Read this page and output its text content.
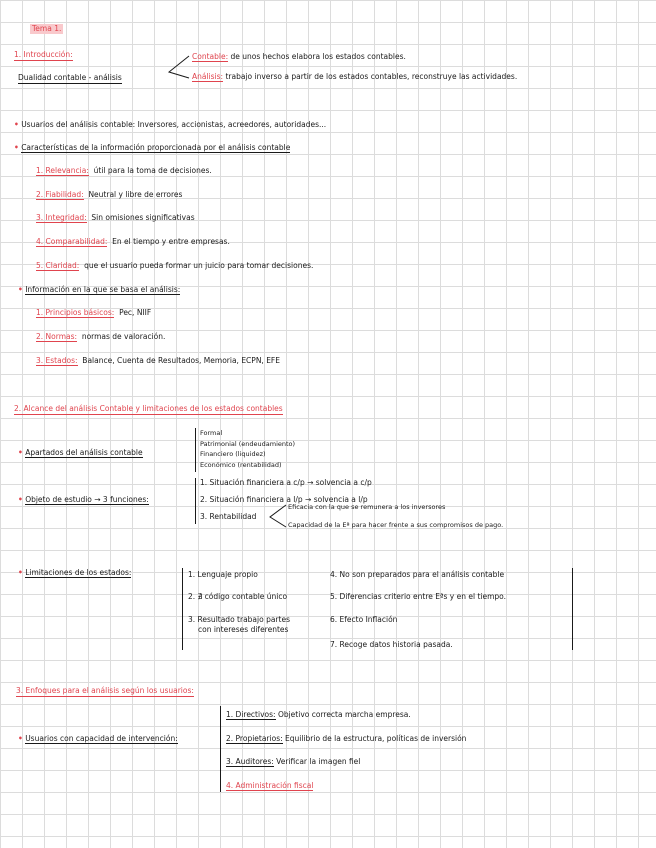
Tema 1.
1. Introducción:
Dualidad contable - análisis
Contable: de unos hechos elabora los estados contables.
Análisis: trabajo inverso a partir de los estados contables, reconstruye las actividades.
• Usuarios del análisis contable: Inversores, accionistas, acreedores, autoridades...
• Características de la información proporcionada por el análisis contable
1. Relevancia: útil para la toma de decisiones.
2. Fiabilidad: Neutral y libre de errores
3. Integridad: Sin omisiones significativas
4. Comparabilidad: En el tiempo y entre empresas.
5. Claridad: que el usuario pueda formar un juicio para tomar decisiones.
• Información en la que se basa el análisis:
1. Principios básicos: Pec, NIIF
2. Normas: normas de valoración.
3. Estados: Balance, Cuenta de Resultados, Memoria, ECPN, EFE
2. Alcance del análisis Contable y limitaciones de los estados contables
• Apartados del análisis contable
Formal
Patrimonial (endeudamiento)
Financiero (liquidez)
Económico (rentabilidad)
• Objeto de estudio → 3 funciones:
1. Situación financiera a c/p → solvencia a c/p
2. Situación financiera a l/p → solvencia a l/p
3. Rentabilidad
Eficacia con la que se remunera a los inversores
Capacidad de la Eª para hacer frente a sus compromisos de pago.
• Limitaciones de los estados:	1. Lenguaje propio
2. ∄ código contable único
3. Resultado trabajo partes
con intereses diferentes
4. No son preparados para el análisis contable
5. Diferencias criterio entre Eªs y en el tiempo.
6. Efecto Inflación
7. Recoge datos historia pasada.
3. Enfoques para el análisis según los usuarios:
• Usuarios con capacidad de intervención:
1. Directivos: Objetivo correcta marcha empresa.
2. Propietarios: Equilibrio de la estructura, políticas de inversión
3. Auditores: Verificar la imagen fiel
4. Administración fiscal
